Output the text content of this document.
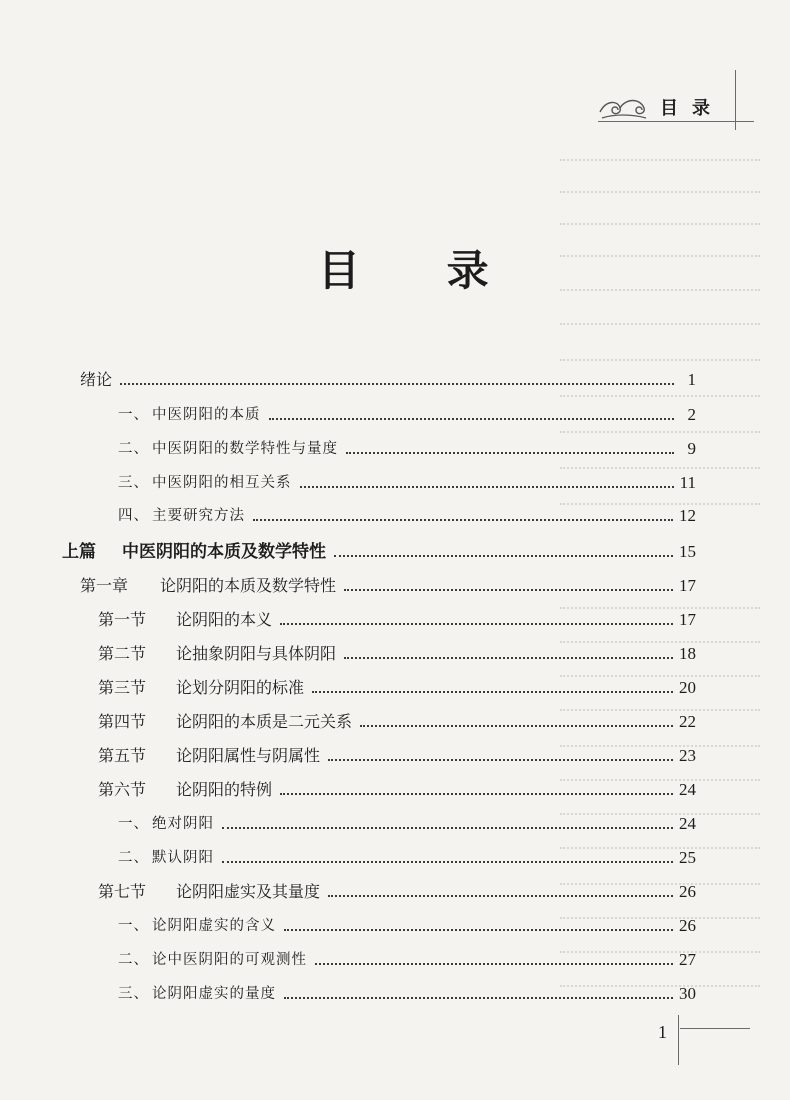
目录
目 录
绪论	1
一、 中医阴阳的本质	2
二、 中医阴阳的数学特性与量度	9
三、 中医阴阳的相互关系	11
四、 主要研究方法	12
上篇	中医阴阳的本质及数学特性	15
第一章	论阴阳的本质及数学特性	17
第一节	论阴阳的本义	17
第二节	论抽象阴阳与具体阴阳	18
第三节	论划分阴阳的标准	20
第四节	论阴阳的本质是二元关系	22
第五节	论阴阳属性与阴属性	23
第六节	论阴阳的特例	24
一、 绝对阴阳	24
二、 默认阴阳	25
第七节	论阴阳虚实及其量度	26
一、 论阴阳虚实的含义	26
二、 论中医阴阳的可观测性	27
三、 论阴阳虚实的量度	30
1
